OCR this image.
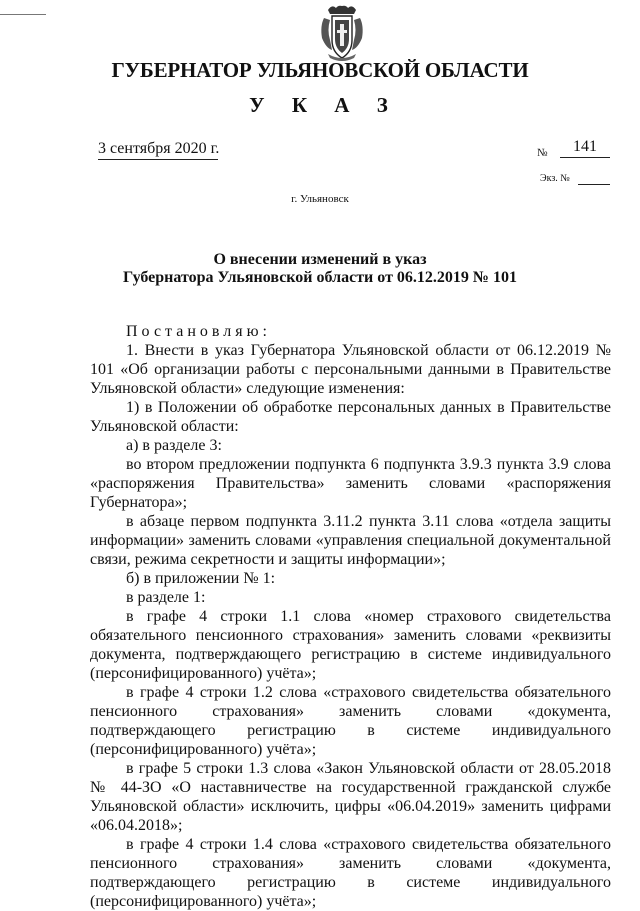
ГУБЕРНАТОР УЛЬЯНОВСКОЙ ОБЛАСТИ
У К А З
3 сентября 2020 г.	№	141
Экз. №
г. Ульяновск
О внесении изменений в указ
Губернатора Ульяновской области от 06.12.2019 № 101

Постановляю:

1. Внести в указ Губернатора Ульяновской области от 06.12.2019 № 101 «Об организации работы с персональными данными в Правительстве Ульяновской области» следующие изменения:

1) в Положении об обработке персональных данных в Правительстве Ульяновской области:

а) в разделе 3:

во втором предложении подпункта 6 подпункта 3.9.3 пункта 3.9 слова «распоряжения Правительства» заменить словами «распоряжения Губернатора»;

в абзаце первом подпункта 3.11.2 пункта 3.11 слова «отдела защиты информации» заменить словами «управления специальной документальной связи, режима секретности и защиты информации»;

б) в приложении № 1:

в разделе 1:

в графе 4 строки 1.1 слова «номер страхового свидетельства обязательного пенсионного страхования» заменить словами «реквизиты документа, подтверждающего регистрацию в системе индивидуального (персонифицированного) учёта»;

в графе 4 строки 1.2 слова «страхового свидетельства обязательного пенсионного страхования» заменить словами «документа, подтверждающего регистрацию в системе индивидуального (персонифицированного) учёта»;

в графе 5 строки 1.3 слова «Закон Ульяновской области от 28.05.2018 № 44-ЗО «О наставничестве на государственной гражданской службе Ульяновской области» исключить, цифры «06.04.2019» заменить цифрами «06.04.2018»;

в графе 4 строки 1.4 слова «страхового свидетельства обязательного пенсионного страхования» заменить словами «документа, подтверждающего регистрацию в системе индивидуального (персонифицированного) учёта»;
